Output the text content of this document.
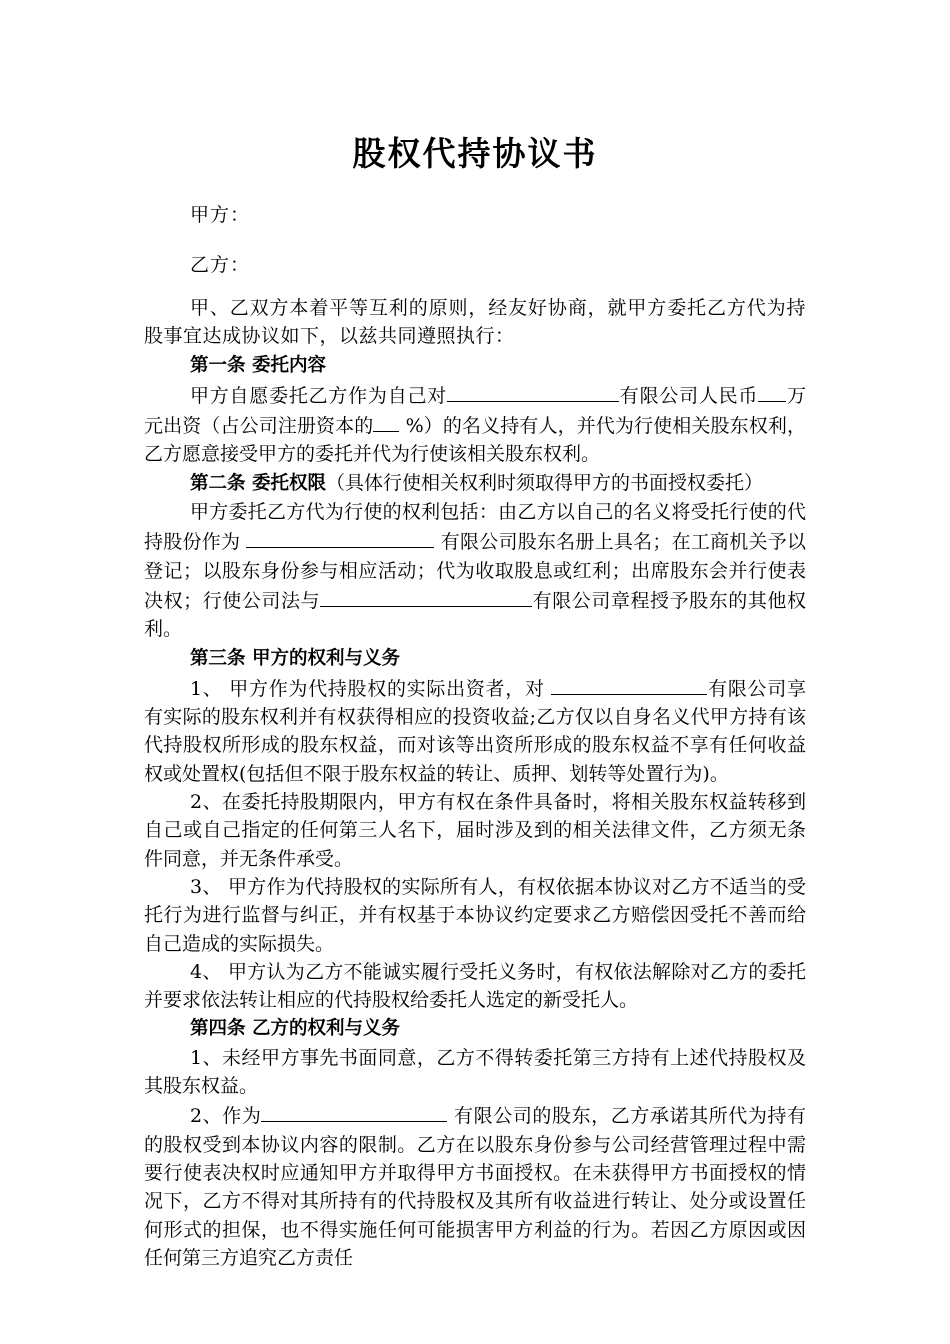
股权代持协议书
甲方：
乙方：

甲、乙双方本着平等互利的原则，经友好协商，就甲方委托乙方代为持股事宜达成协议如下，以兹共同遵照执行：

第一条 委托内容

甲方自愿委托乙方作为自己对	有限公司人民币 万元出资（占公司注册资本的 %）的名义持有人，并代为行使相关股东权利，乙方愿意接受甲方的委托并代为行使该相关股东权利。

第二条 委托权限（具体行使相关权利时须取得甲方的书面授权委托）

甲方委托乙方代为行使的权利包括：由乙方以自己的名义将受托行使的代持股份作为	有限公司股东名册上具名；在工商机关予以登记；以股东身份参与相应活动；代为收取股息或红利；出席股东会并行使表决权；行使公司法与	有限公司章程授予股东的其他权利。

第三条 甲方的权利与义务

1、 甲方作为代持股权的实际出资者，对	有限公司享有实际的股东权利并有权获得相应的投资收益;乙方仅以自身名义代甲方持有该代持股权所形成的股东权益，而对该等出资所形成的股东权益不享有任何收益权或处置权(包括但不限于股东权益的转让、质押、划转等处置行为)。

2、在委托持股期限内，甲方有权在条件具备时，将相关股东权益转移到自己或自己指定的任何第三人名下，届时涉及到的相关法律文件，乙方须无条件同意，并无条件承受。

3、 甲方作为代持股权的实际所有人，有权依据本协议对乙方不适当的受托行为进行监督与纠正，并有权基于本协议约定要求乙方赔偿因受托不善而给自己造成的实际损失。

4、 甲方认为乙方不能诚实履行受托义务时，有权依法解除对乙方的委托并要求依法转让相应的代持股权给委托人选定的新受托人。

第四条 乙方的权利与义务

1、未经甲方事先书面同意，乙方不得转委托第三方持有上述代持股权及其股东权益。

2、作为	有限公司的股东，乙方承诺其所代为持有的股权受到本协议内容的限制。乙方在以股东身份参与公司经营管理过程中需要行使表决权时应通知甲方并取得甲方书面授权。在未获得甲方书面授权的情况下，乙方不得对其所持有的代持股权及其所有收益进行转让、处分或设置任何形式的担保，也不得实施任何可能损害甲方利益的行为。若因乙方原因或因任何第三方追究乙方责任
